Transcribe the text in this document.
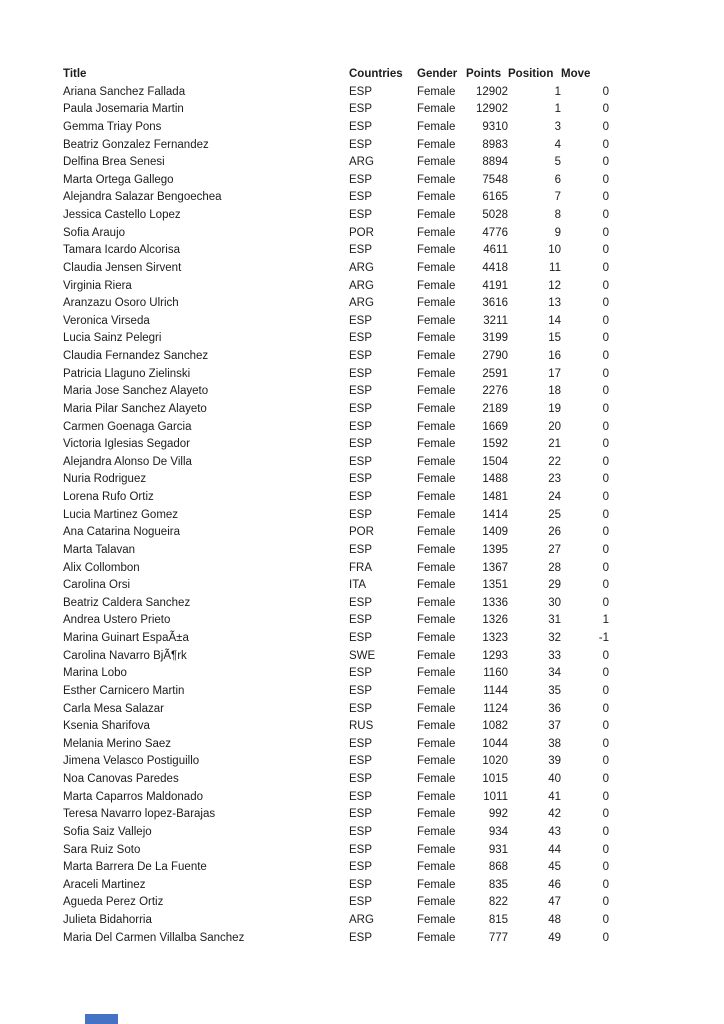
Title	Countries	Gender	Points	Position	Move
Ariana Sanchez Fallada	ESP	Female	12902	1	0
Paula Josemaria Martin	ESP	Female	12902	1	0
Gemma Triay Pons	ESP	Female	9310	3	0
Beatriz Gonzalez Fernandez	ESP	Female	8983	4	0
Delfina Brea Senesi	ARG	Female	8894	5	0
Marta Ortega Gallego	ESP	Female	7548	6	0
Alejandra Salazar Bengoechea	ESP	Female	6165	7	0
Jessica Castello Lopez	ESP	Female	5028	8	0
Sofia Araujo	POR	Female	4776	9	0
Tamara Icardo Alcorisa	ESP	Female	4611	10	0
Claudia Jensen Sirvent	ARG	Female	4418	11	0
Virginia Riera	ARG	Female	4191	12	0
Aranzazu Osoro Ulrich	ARG	Female	3616	13	0
Veronica Virseda	ESP	Female	3211	14	0
Lucia Sainz Pelegri	ESP	Female	3199	15	0
Claudia Fernandez Sanchez	ESP	Female	2790	16	0
Patricia Llaguno Zielinski	ESP	Female	2591	17	0
Maria Jose Sanchez Alayeto	ESP	Female	2276	18	0
Maria Pilar Sanchez Alayeto	ESP	Female	2189	19	0
Carmen Goenaga Garcia	ESP	Female	1669	20	0
Victoria Iglesias Segador	ESP	Female	1592	21	0
Alejandra Alonso De Villa	ESP	Female	1504	22	0
Nuria Rodriguez	ESP	Female	1488	23	0
Lorena Rufo Ortiz	ESP	Female	1481	24	0
Lucia Martinez Gomez	ESP	Female	1414	25	0
Ana Catarina Nogueira	POR	Female	1409	26	0
Marta Talavan	ESP	Female	1395	27	0
Alix Collombon	FRA	Female	1367	28	0
Carolina Orsi	ITA	Female	1351	29	0
Beatriz Caldera Sanchez	ESP	Female	1336	30	0
Andrea Ustero Prieto	ESP	Female	1326	31	1
Marina Guinart EspaÃ±a	ESP	Female	1323	32	-1
Carolina Navarro BjÃ¶rk	SWE	Female	1293	33	0
Marina Lobo	ESP	Female	1160	34	0
Esther Carnicero Martin	ESP	Female	1144	35	0
Carla Mesa Salazar	ESP	Female	1124	36	0
Ksenia Sharifova	RUS	Female	1082	37	0
Melania Merino Saez	ESP	Female	1044	38	0
Jimena Velasco Postiguillo	ESP	Female	1020	39	0
Noa Canovas Paredes	ESP	Female	1015	40	0
Marta Caparros Maldonado	ESP	Female	1011	41	0
Teresa Navarro lopez-Barajas	ESP	Female	992	42	0
Sofia Saiz Vallejo	ESP	Female	934	43	0
Sara Ruiz Soto	ESP	Female	931	44	0
Marta Barrera De La Fuente	ESP	Female	868	45	0
Araceli Martinez	ESP	Female	835	46	0
Agueda Perez Ortiz	ESP	Female	822	47	0
Julieta Bidahorria	ARG	Female	815	48	0
Maria Del Carmen Villalba Sanchez	ESP	Female	777	49	0
